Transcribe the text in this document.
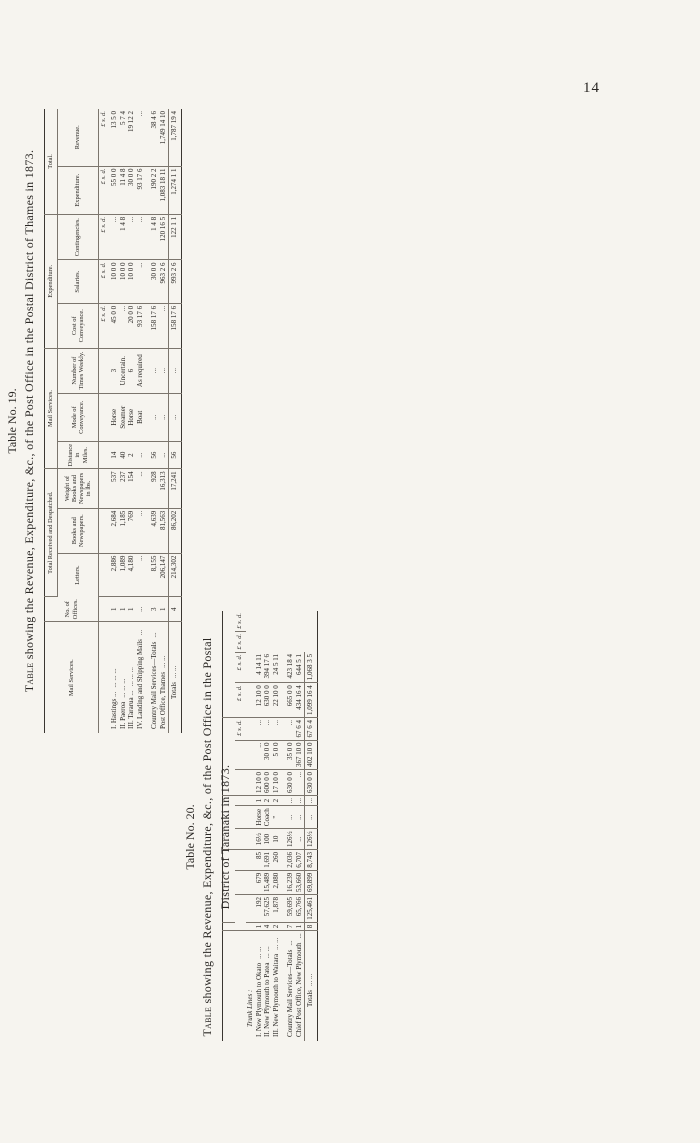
14
Table No. 19.
Table showing the Revenue, Expenditure, &c., of the Post Office in the Postal District of Thames in 1873.
Mail Services.	No. of Offices.	Total Received and Despatched.			Mail Services.			Expenditure.			Total.	
		Letters.	Books and Newspapers.	Weight of Books and Newspapers in lbs.	Distance in Miles.	Mode of Conveyance.	Number of Times Weekly.	Cost of Conveyance.	Salaries.	Contingencies.	Expenditure.	Revenue.
								£ s. d.	£ s. d.	£ s. d.	£ s. d.	£ s. d.
I. Hastings ...... ... ...	1	2,886	2,684	537	14	Horse	3	45 0 0	10 0 0	...	55 0 0	13 5 0
II. Paeroa... ... ...	1	1,089	1,185	237	40	Steamer	Uncertain.	...	10 0 0	1 4 8	11 4 8	5 7 4
III. Tararua ...... ... ...	1	4,180	769	154	2	Horse	6	20 0 0	10 0 0	...	30 0 0	19 12 2
IV. Landing and Shipping Mails...	...	...	...	...	...	Boat	As required	93 17 6	...	...	93 17 6	...

Country Mail Services—Totals...	3	8,155	4,639	928	56	...	...	158 17 6	30 0 0	1 4 8	190 2 2	38 4 6
Post Office, Thames... ...	1	206,147	81,563	16,313	...	...	...	...	963 2 6	120 16 5	1,083 18 11	1,749 14 10
Totals... ...	4	214,302	86,202	17,241	56	...	...	158 17 6	993 2 6	122 1 1	1,274 1 1	1,787 19 4
Table No. 20.
Table showing the Revenue, Expenditure, &c., of the Post Office in the Postal District of Taranaki in 1873.

										£ s. d.	£ s. d.	£ s. d.	£ s. d.	£ s. d.
Trunk Lines :														
I. New Plymouth to Okato... ...	1	192	679	85	16½	Horse	1	12 10 0	...	...	12 10 0	4 14 11		
II. New Plymouth to Patea... ...	4	57,625	15,489	1,691	100	Coach	2	600 0 0	30 0 0	...	630 0 0	394 17 6		
III. New Plymouth to Waitara... ...	2	1,878	2,080	260	10	"	2	17 10 0	5 0 0	...	22 10 0	24 5 11		

Country Mail Services—Totals...	7	59,695	16,239	2,036	126½	...	...	630 0 0	35 0 0	...	665 0 0	423 18 4		
Chief Post Office, New Plymouth...	1	65,766	53,660	6,707	...	...	...	...	367 10 0	67 6 4	434 16 4	644 5 1		
Totals... ...	8	125,461	69,899	8,743	126½	...	...	630 0 0	402 10 0	67 6 4	1,099 16 4	1,068 3 5		
